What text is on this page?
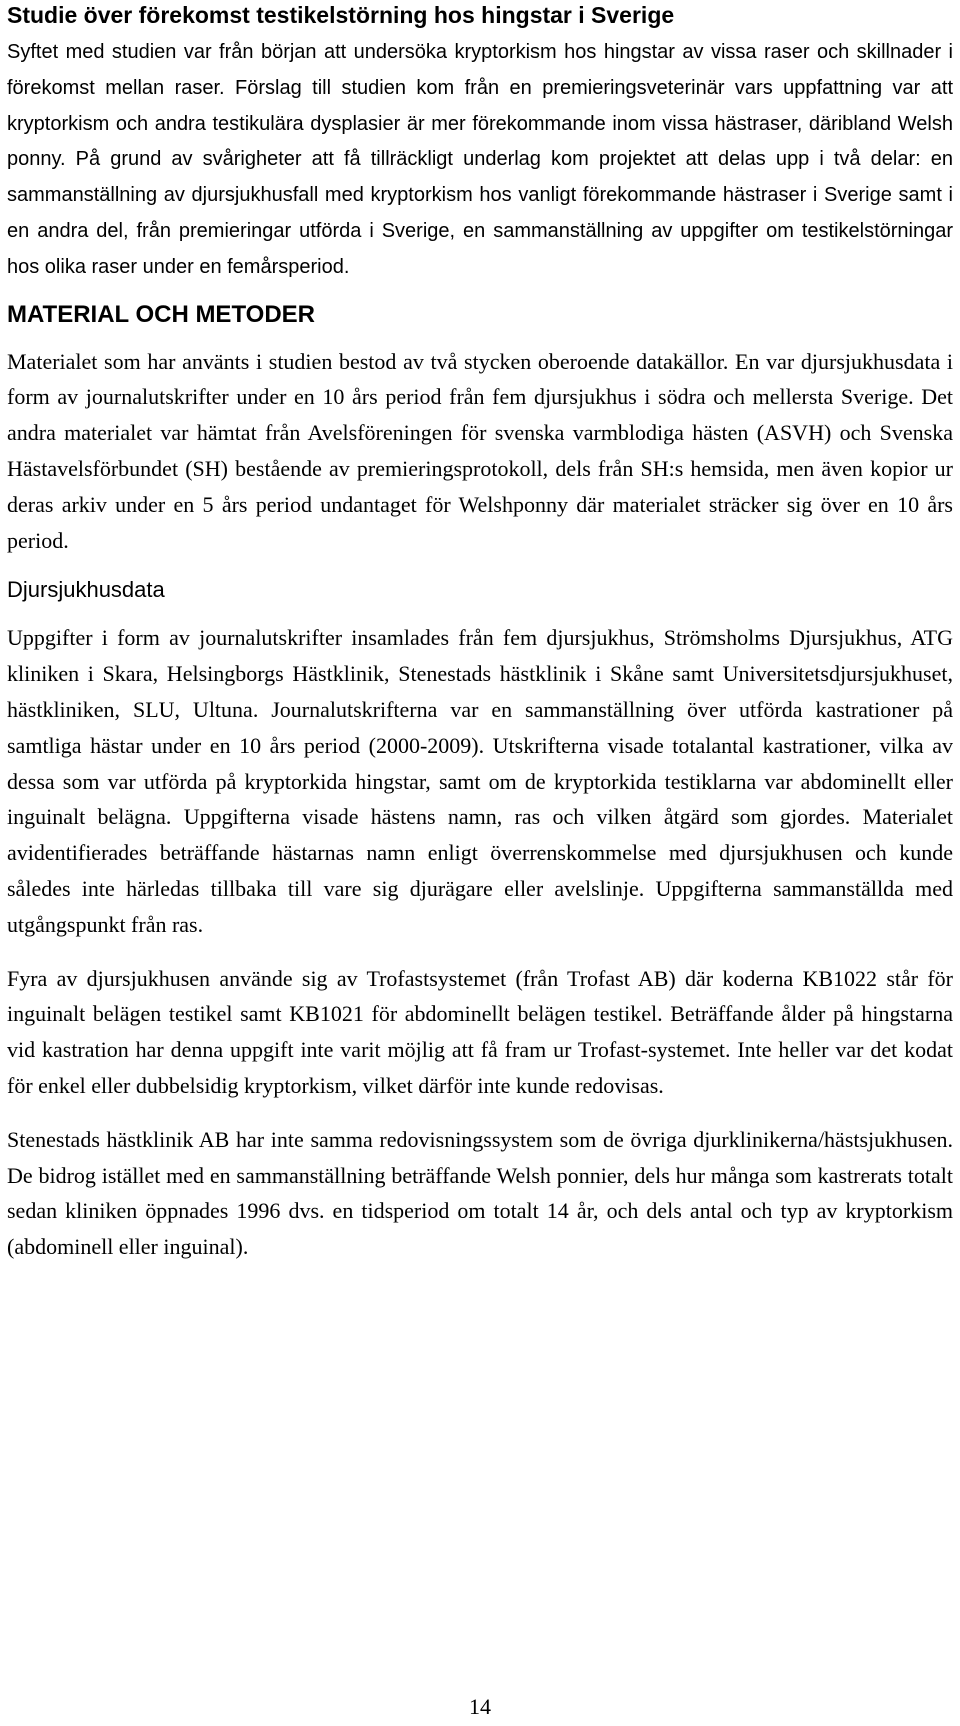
Studie över förekomst testikelstörning hos hingstar i Sverige

Syftet med studien var från början att undersöka kryptorkism hos hingstar av vissa raser och skillnader i förekomst mellan raser. Förslag till studien kom från en premieringsveterinär vars uppfattning var att kryptorkism och andra testikulära dysplasier är mer förekommande inom vissa hästraser, däribland Welsh ponny. På grund av svårigheter att få tillräckligt underlag kom projektet att delas upp i två delar: en sammanställning av djursjukhusfall med kryptorkism hos vanligt förekommande hästraser i Sverige samt i en andra del, från premieringar utförda i Sverige, en sammanställning av uppgifter om testikelstörningar hos olika raser under en femårsperiod.

MATERIAL OCH METODER

Materialet som har använts i studien bestod av två stycken oberoende datakällor. En var djursjukhusdata i form av journalutskrifter under en 10 års period från fem djursjukhus i södra och mellersta Sverige. Det andra materialet var hämtat från Avelsföreningen för svenska varmblodiga hästen (ASVH) och Svenska Hästavelsförbundet (SH) bestående av premieringsprotokoll, dels från SH:s hemsida, men även kopior ur deras arkiv under en 5 års period undantaget för Welshponny där materialet sträcker sig över en 10 års period.

Djursjukhusdata

Uppgifter i form av journalutskrifter insamlades från fem djursjukhus, Strömsholms Djursjukhus, ATG kliniken i Skara, Helsingborgs Hästklinik, Stenestads hästklinik i Skåne samt Universitetsdjursjukhuset, hästkliniken, SLU, Ultuna. Journalutskrifterna var en sammanställning över utförda kastrationer på samtliga hästar under en 10 års period (2000-2009). Utskrifterna visade totalantal kastrationer, vilka av dessa som var utförda på kryptorkida hingstar, samt om de kryptorkida testiklarna var abdominellt eller inguinalt belägna. Uppgifterna visade hästens namn, ras och vilken åtgärd som gjordes. Materialet avidentifierades beträffande hästarnas namn enligt överrenskommelse med djursjukhusen och kunde således inte härledas tillbaka till vare sig djurägare eller avelslinje. Uppgifterna sammanställda med utgångspunkt från ras.

Fyra av djursjukhusen använde sig av Trofastsystemet (från Trofast AB) där koderna KB1022 står för inguinalt belägen testikel samt KB1021 för abdominellt belägen testikel. Beträffande ålder på hingstarna vid kastration har denna uppgift inte varit möjlig att få fram ur Trofast-systemet. Inte heller var det kodat för enkel eller dubbelsidig kryptorkism, vilket därför inte kunde redovisas.

Stenestads hästklinik AB har inte samma redovisningssystem som de övriga djurklinikerna/hästsjukhusen. De bidrog istället med en sammanställning beträffande Welsh ponnier, dels hur många som kastrerats totalt sedan kliniken öppnades 1996 dvs. en tidsperiod om totalt 14 år, och dels antal och typ av kryptorkism (abdominell eller inguinal).

14
